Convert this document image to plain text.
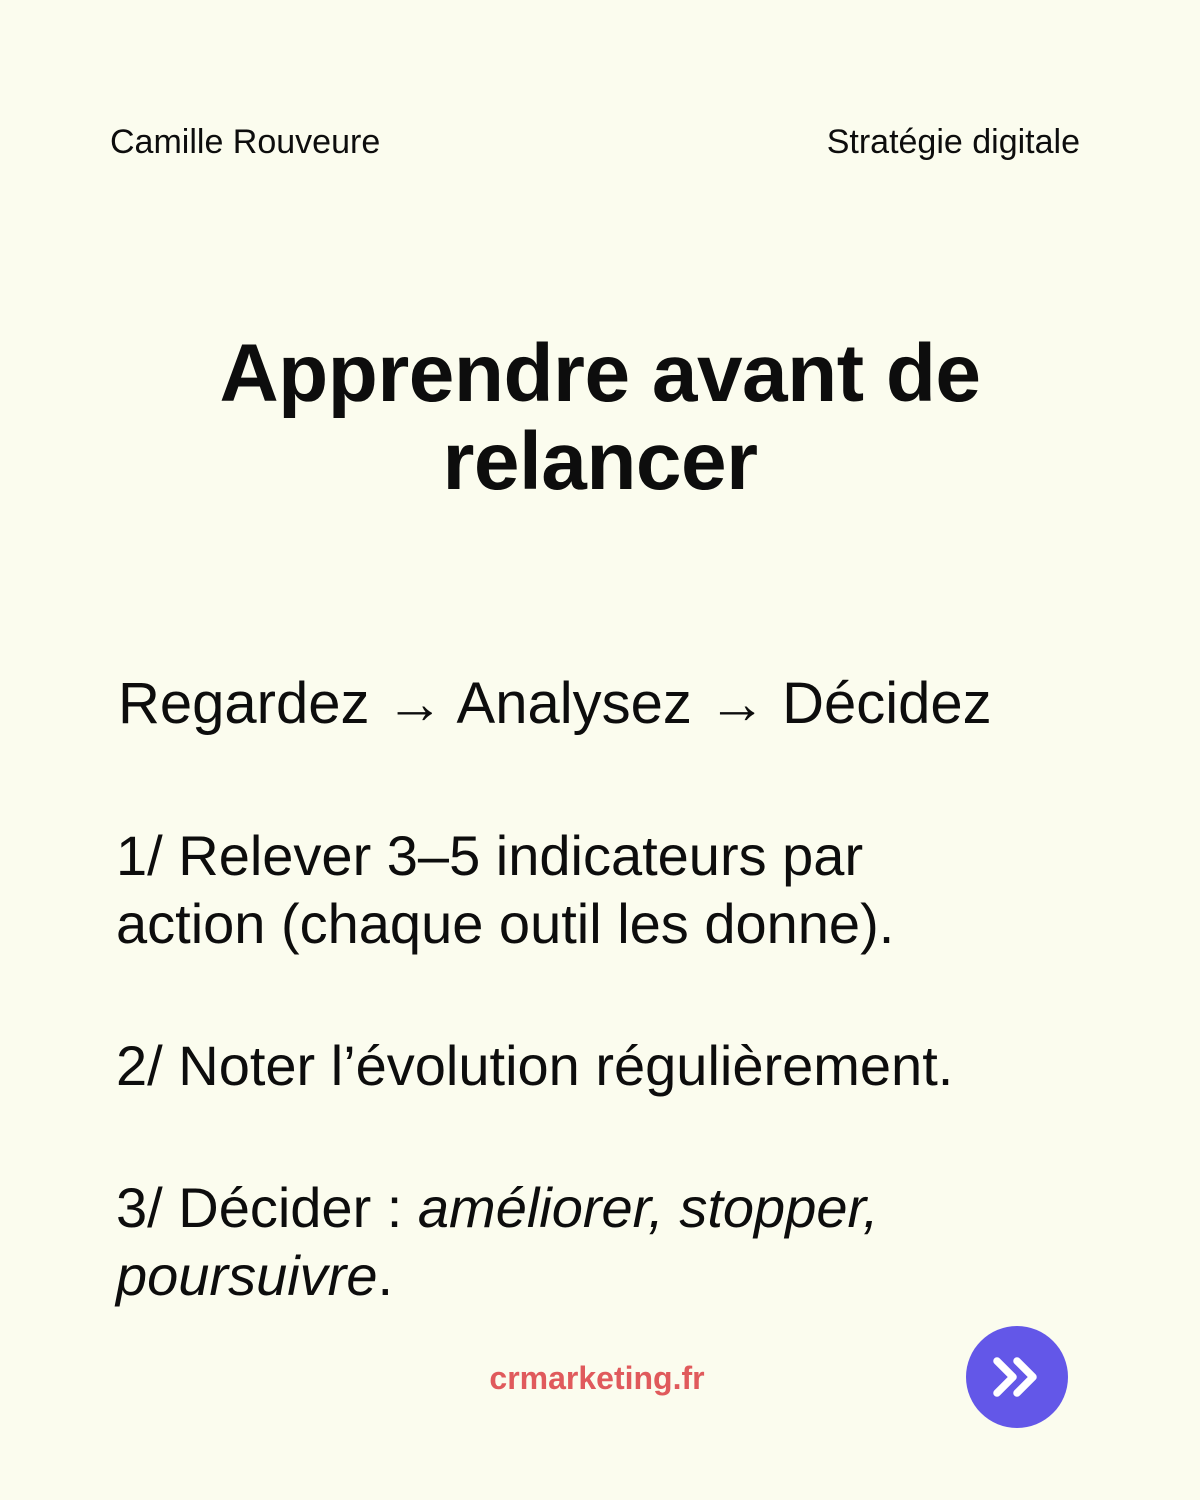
Camille Rouveure	Stratégie digitale
Apprendre avant de
relancer
Regardez → Analysez → Décidez
1/ Relever 3–5 indicateurs par
action (chaque outil les donne).
2/ Noter l’évolution régulièrement.
3/ Décider : améliorer, stopper,
poursuivre.
crmarketing.fr
